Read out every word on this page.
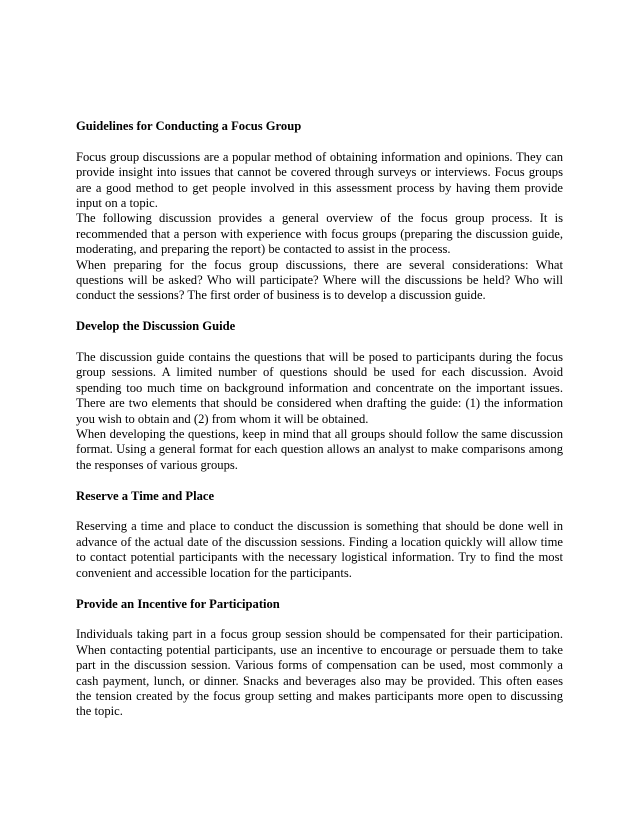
Guidelines for Conducting a Focus Group

Focus group discussions are a popular method of obtaining information and opinions. They can provide insight into issues that cannot be covered through surveys or interviews. Focus groups are a good method to get people involved in this assessment process by having them provide input on a topic.

The following discussion provides a general overview of the focus group process. It is recommended that a person with experience with focus groups (preparing the discussion guide, moderating, and preparing the report) be contacted to assist in the process.

When preparing for the focus group discussions, there are several considerations: What questions will be asked? Who will participate? Where will the discussions be held? Who will conduct the sessions? The first order of business is to develop a discussion guide.

Develop the Discussion Guide

The discussion guide contains the questions that will be posed to participants during the focus group sessions. A limited number of questions should be used for each discussion. Avoid spending too much time on background information and concentrate on the important issues. There are two elements that should be considered when drafting the guide: (1) the information you wish to obtain and (2) from whom it will be obtained.

When developing the questions, keep in mind that all groups should follow the same discussion format. Using a general format for each question allows an analyst to make comparisons among the responses of various groups.

Reserve a Time and Place

Reserving a time and place to conduct the discussion is something that should be done well in advance of the actual date of the discussion sessions. Finding a location quickly will allow time to contact potential participants with the necessary logistical information. Try to find the most convenient and accessible location for the participants.

Provide an Incentive for Participation

Individuals taking part in a focus group session should be compensated for their participation. When contacting potential participants, use an incentive to encourage or persuade them to take part in the discussion session. Various forms of compensation can be used, most commonly a cash payment, lunch, or dinner. Snacks and beverages also may be provided. This often eases the tension created by the focus group setting and makes participants more open to discussing the topic.
